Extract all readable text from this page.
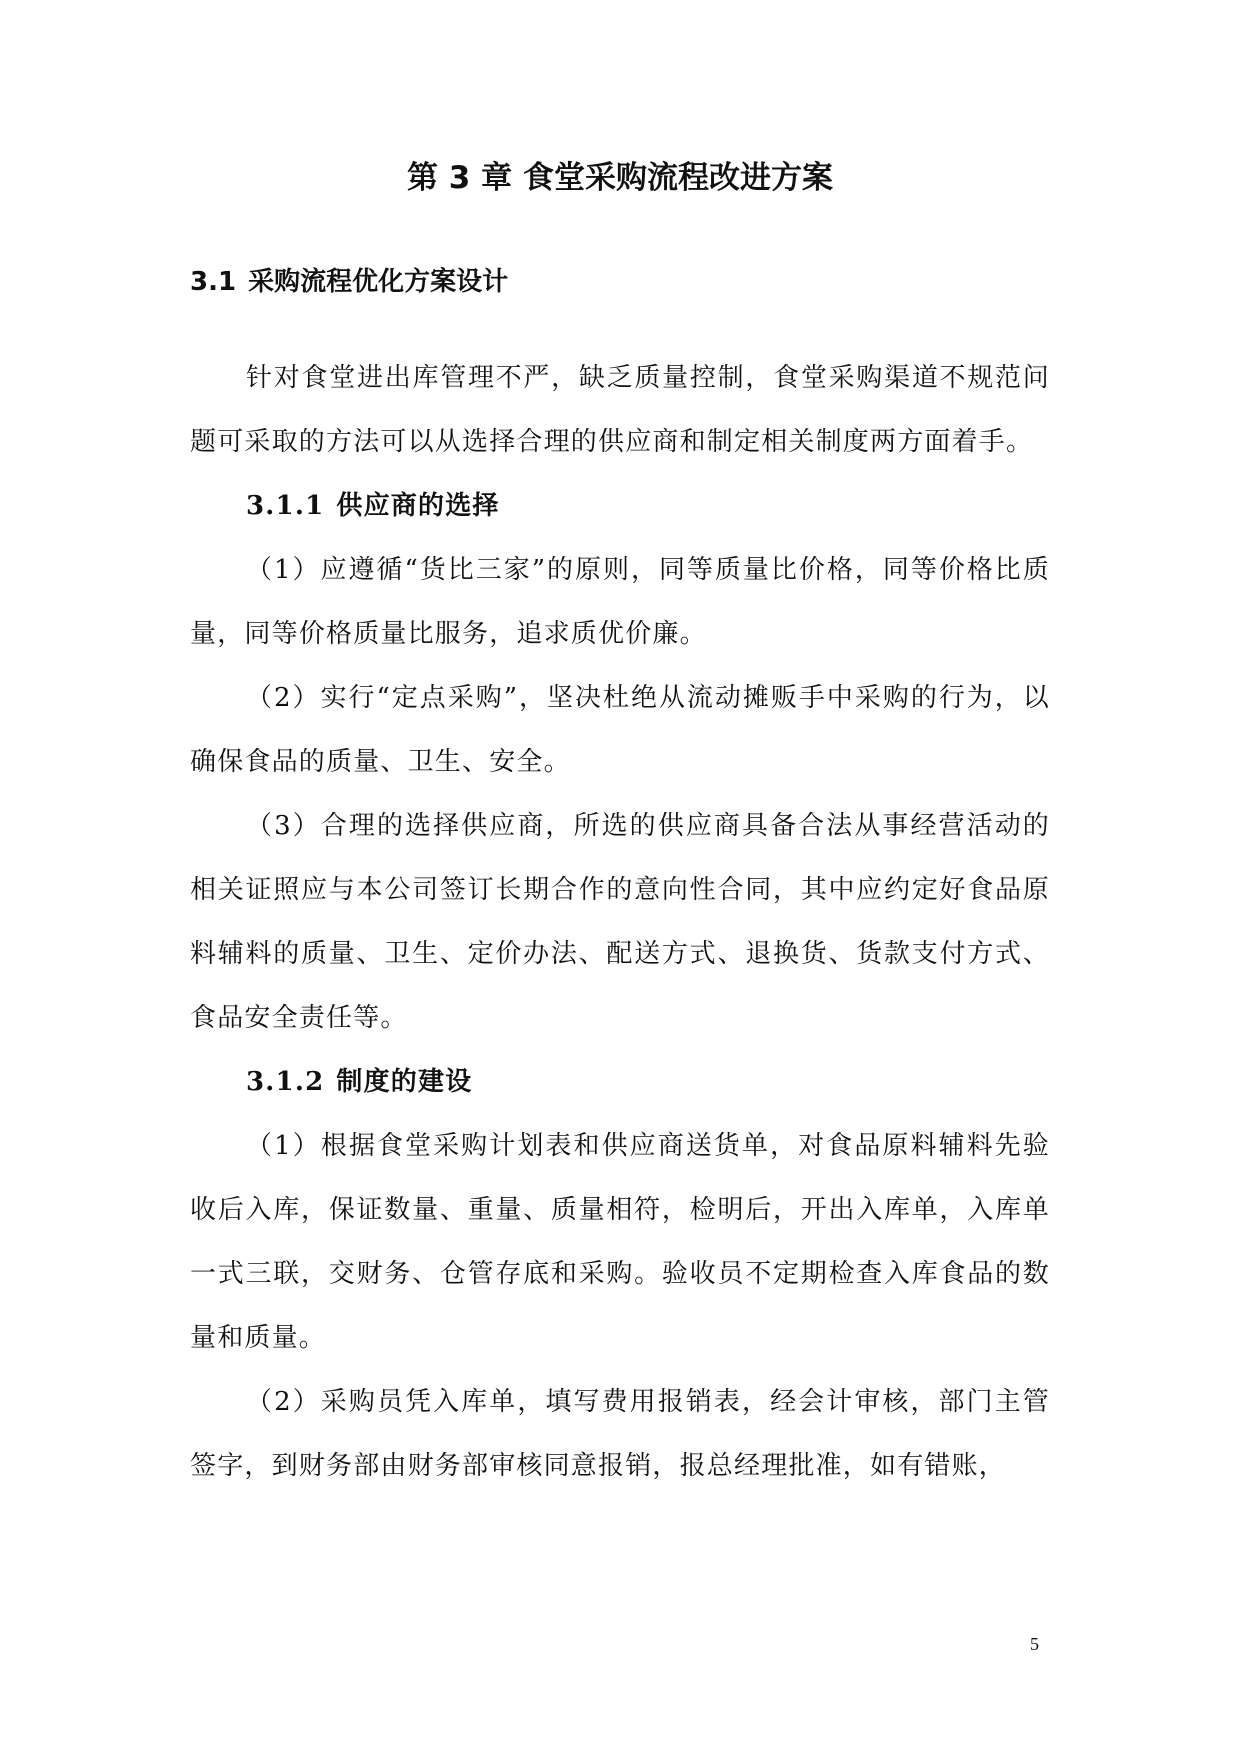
第 3 章 食堂采购流程改进方案
3.1 采购流程优化方案设计

针对食堂进出库管理不严，缺乏质量控制，食堂采购渠道不规范问题可采取的方法可以从选择合理的供应商和制定相关制度两方面着手。

3.1.1 供应商的选择

（1）应遵循“货比三家”的原则，同等质量比价格，同等价格比质量，同等价格质量比服务，追求质优价廉。

（2）实行“定点采购”，坚决杜绝从流动摊贩手中采购的行为，以确保食品的质量、卫生、安全。

（3）合理的选择供应商，所选的供应商具备合法从事经营活动的相关证照应与本公司签订长期合作的意向性合同，其中应约定好食品原料辅料的质量、卫生、定价办法、配送方式、退换货、货款支付方式、食品安全责任等。

3.1.2 制度的建设

（1）根据食堂采购计划表和供应商送货单，对食品原料辅料先验收后入库，保证数量、重量、质量相符，检明后，开出入库单，入库单一式三联，交财务、仓管存底和采购。验收员不定期检查入库食品的数量和质量。

（2）采购员凭入库单，填写费用报销表，经会计审核，部门主管签字，到财务部由财务部审核同意报销，报总经理批准，如有错账，

5
